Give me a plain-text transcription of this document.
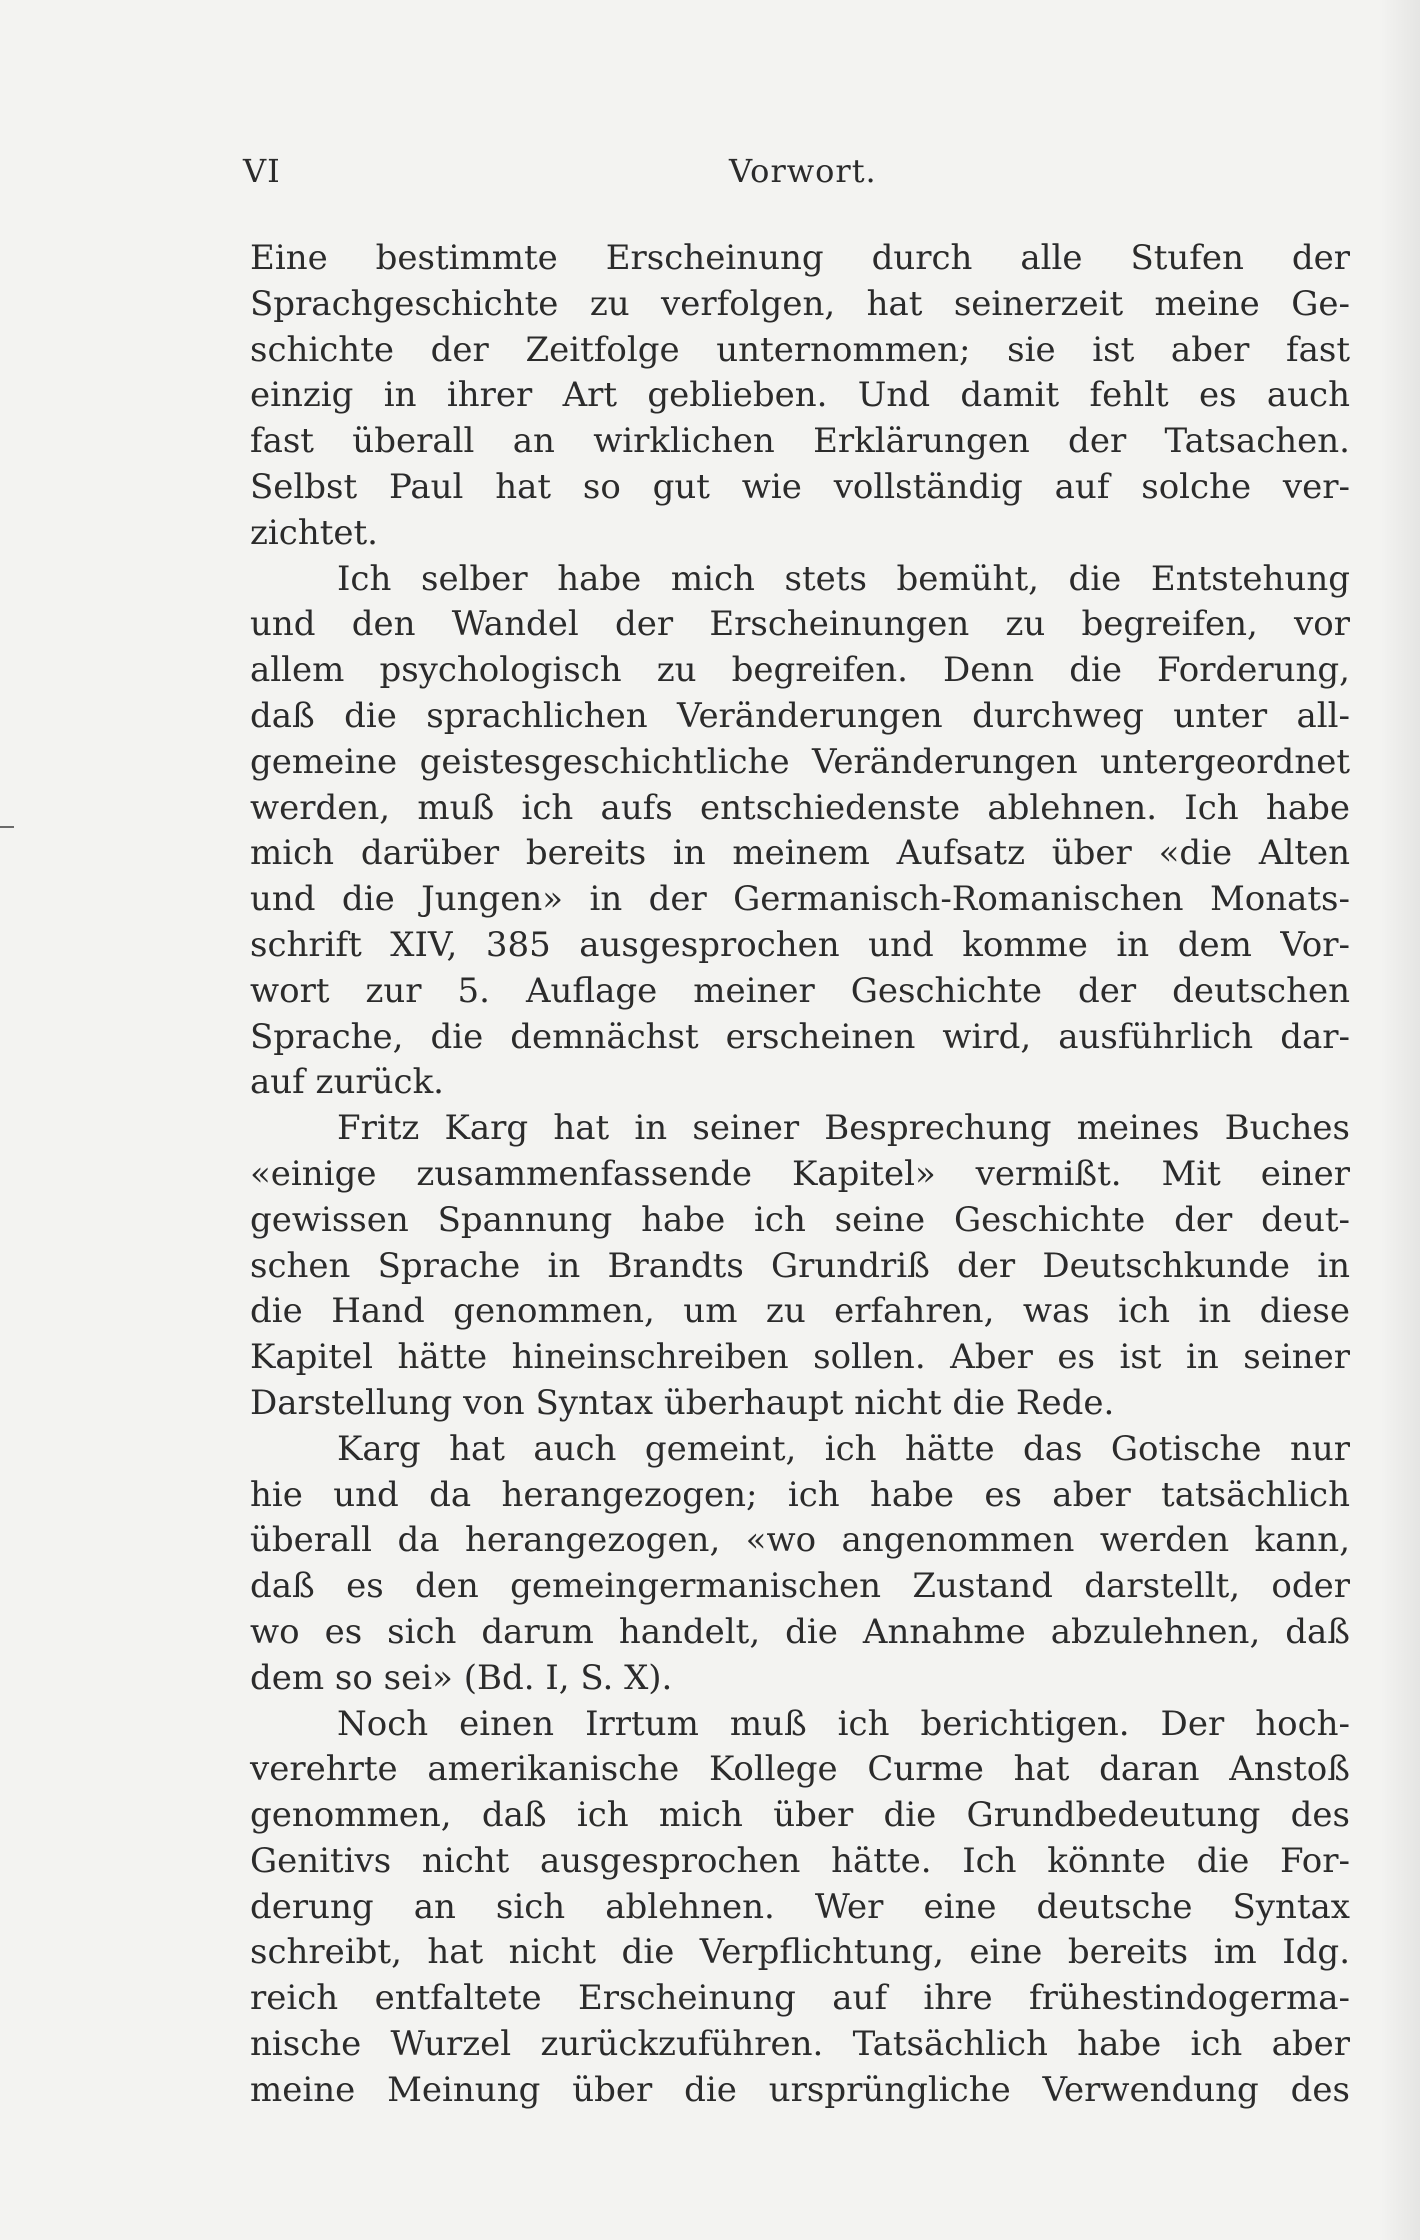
VI	Vorwort.
Eine bestimmte Erscheinung durch alle Stufen der
Sprachgeschichte zu verfolgen, hat seinerzeit meine Ge-
schichte der Zeitfolge unternommen; sie ist aber fast
einzig in ihrer Art geblieben. Und damit fehlt es auch
fast überall an wirklichen Erklärungen der Tatsachen.
Selbst Paul hat so gut wie vollständig auf solche ver-
zichtet.
Ich selber habe mich stets bemüht, die Entstehung
und den Wandel der Erscheinungen zu begreifen, vor
allem psychologisch zu begreifen. Denn die Forderung,
daß die sprachlichen Veränderungen durchweg unter all-
gemeine geistesgeschichtliche Veränderungen untergeordnet
werden, muß ich aufs entschiedenste ablehnen. Ich habe
mich darüber bereits in meinem Aufsatz über «die Alten
und die Jungen» in der Germanisch-Romanischen Monats-
schrift XIV, 385 ausgesprochen und komme in dem Vor-
wort zur 5. Auflage meiner Geschichte der deutschen
Sprache, die demnächst erscheinen wird, ausführlich dar-
auf zurück.
Fritz Karg hat in seiner Besprechung meines Buches
«einige zusammenfassende Kapitel» vermißt. Mit einer
gewissen Spannung habe ich seine Geschichte der deut-
schen Sprache in Brandts Grundriß der Deutschkunde in
die Hand genommen, um zu erfahren, was ich in diese
Kapitel hätte hineinschreiben sollen. Aber es ist in seiner
Darstellung von Syntax überhaupt nicht die Rede.
Karg hat auch gemeint, ich hätte das Gotische nur
hie und da herangezogen; ich habe es aber tatsächlich
überall da herangezogen, «wo angenommen werden kann,
daß es den gemeingermanischen Zustand darstellt, oder
wo es sich darum handelt, die Annahme abzulehnen, daß
dem so sei» (Bd. I, S. X).
Noch einen Irrtum muß ich berichtigen. Der hoch-
verehrte amerikanische Kollege Curme hat daran Anstoß
genommen, daß ich mich über die Grundbedeutung des
Genitivs nicht ausgesprochen hätte. Ich könnte die For-
derung an sich ablehnen. Wer eine deutsche Syntax
schreibt, hat nicht die Verpflichtung, eine bereits im Idg.
reich entfaltete Erscheinung auf ihre frühestindogerma-
nische Wurzel zurückzuführen. Tatsächlich habe ich aber
meine Meinung über die ursprüngliche Verwendung des
